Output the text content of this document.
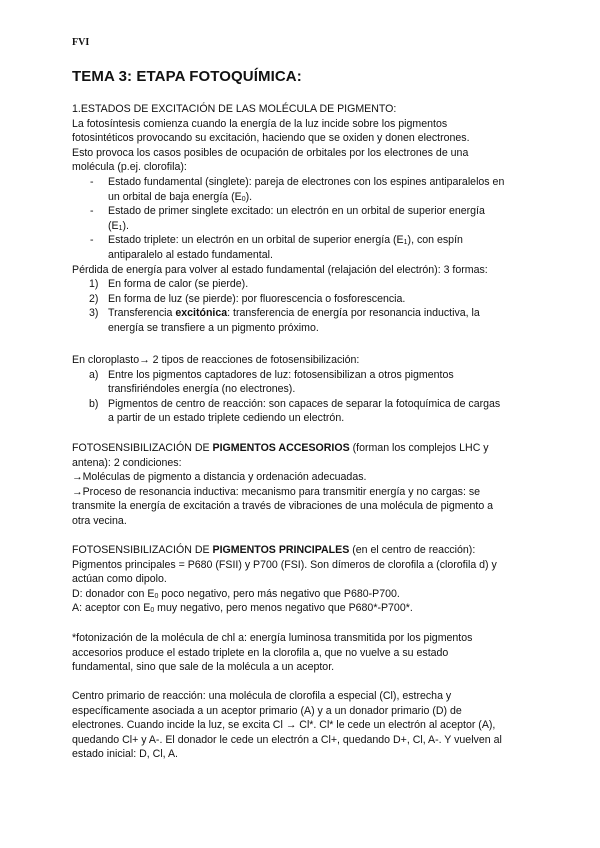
FVI
TEMA 3: ETAPA FOTOQUÍMICA:

1.ESTADOS DE EXCITACIÓN DE LAS MOLÉCULA DE PIGMENTO:

La fotosíntesis comienza cuando la energía de la luz incide sobre los pigmentos

fotosintéticos provocando su excitación, haciendo que se oxiden y donen electrones.

Esto provoca los casos posibles de ocupación de orbitales por los electrones de una

molécula (p.ej. clorofila):

- Estado fundamental (singlete): pareja de electrones con los espines antiparalelos en
un orbital de baja energía $(E_0)$.
- Estado de primer singlete excitado: un electrón en un orbital de superior energía
$(E_1)$.
- Estado triplete: un electrón en un orbital de superior energía $(E_1)$, con espín
antiparalelo al estado fundamental.

Pérdida de energía para volver al estado fundamental (relajación del electrón): 3 formas:

1) En forma de calor (se pierde).
2) En forma de luz (se pierde): por fluorescencia o fosforescencia.
3) Transferencia excitónica: transferencia de energía por resonancia inductiva, la
energía se transfiere a un pigmento próximo.

En cloroplasto→ 2 tipos de reacciones de fotosensibilización:

a) Entre los pigmentos captadores de luz: fotosensibilizan a otros pigmentos
transfiriéndoles energía (no electrones).
b) Pigmentos de centro de reacción: son capaces de separar la fotoquímica de cargas
a partir de un estado triplete cediendo un electrón.

FOTOSENSIBILIZACIÓN DE PIGMENTOS ACCESORIOS (forman los complejos LHC y

antena): 2 condiciones:

→Moléculas de pigmento a distancia y ordenación adecuadas.

→Proceso de resonancia inductiva: mecanismo para transmitir energía y no cargas: se

transmite la energía de excitación a través de vibraciones de una molécula de pigmento a

otra vecina.

FOTOSENSIBILIZACIÓN DE PIGMENTOS PRINCIPALES (en el centro de reacción):

Pigmentos principales = P680 (FSII) y P700 (FSI). Son dímeros de clorofila a (clorofila d) y

actúan como dipolo.

D: donador con $E_0$ poco negativo, pero más negativo que P680-P700.

A: aceptor con $E_0$ muy negativo, pero menos negativo que P680*-P700*.

*fotonización de la molécula de chl a: energía luminosa transmitida por los pigmentos

accesorios produce el estado triplete en la clorofila a, que no vuelve a su estado

fundamental, sino que sale de la molécula a un aceptor.

Centro primario de reacción: una molécula de clorofila a especial (Cl), estrecha y

específicamente asociada a un aceptor primario (A) y a un donador primario (D) de

electrones. Cuando incide la luz, se excita Cl → Cl*. Cl* le cede un electrón al aceptor (A),

quedando Cl+ y A-. El donador le cede un electrón a Cl+, quedando D+, Cl, A-. Y vuelven al

estado inicial: D, Cl, A.
